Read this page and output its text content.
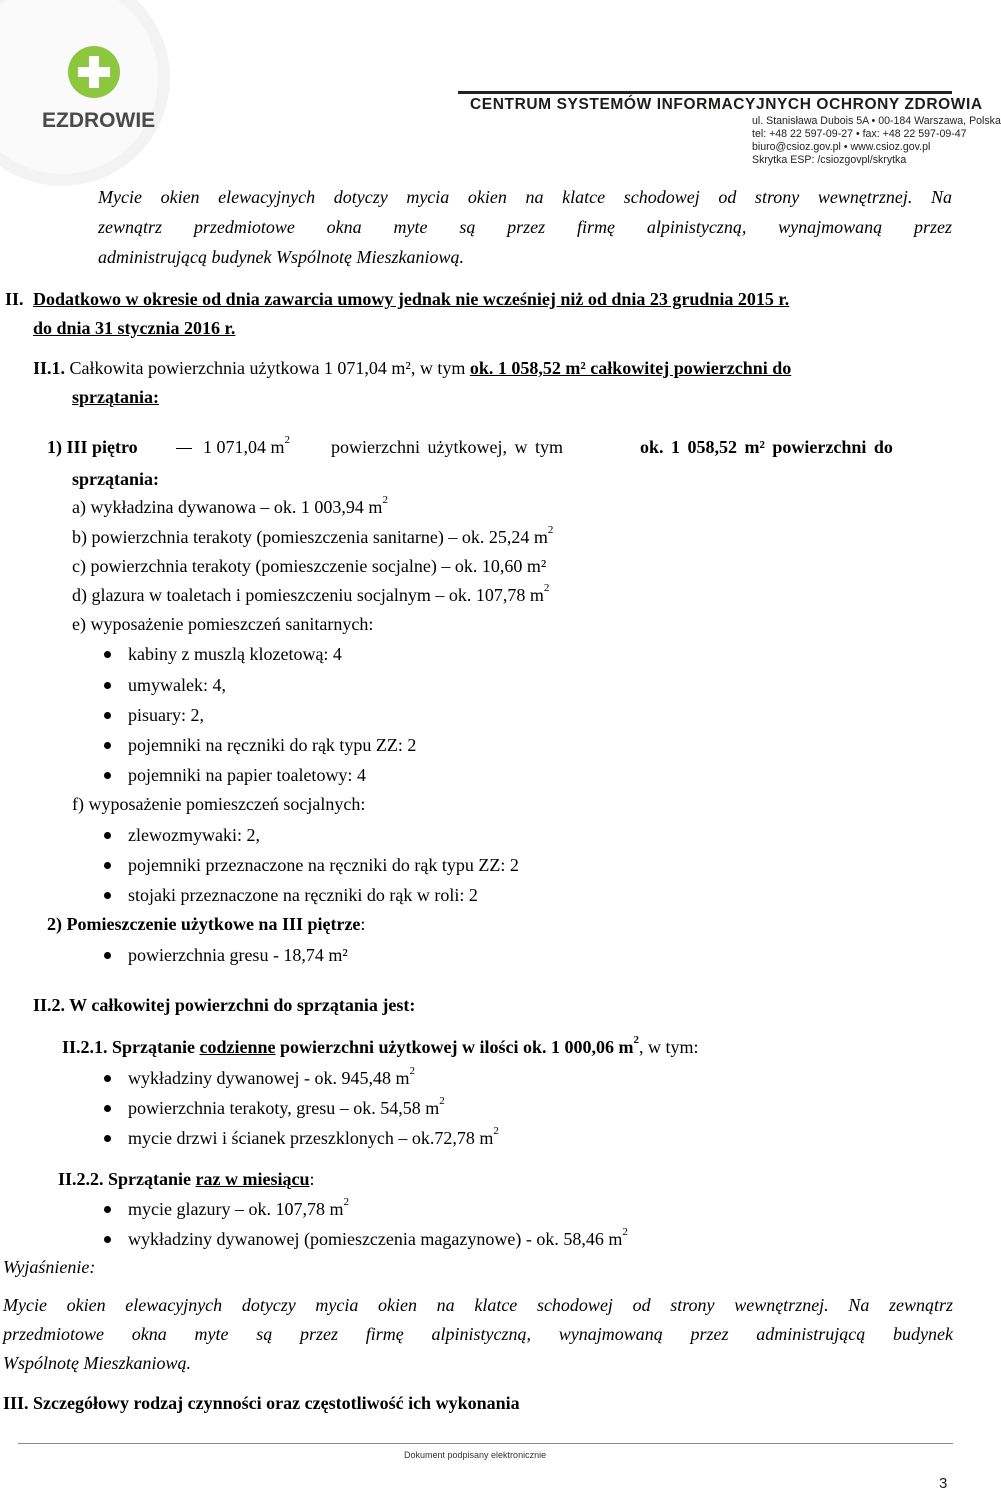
EZDROWIE
CENTRUM SYSTEMÓW INFORMACYJNYCH OCHRONY ZDROWIA
ul. Stanisława Dubois 5A • 00-184 Warszawa, Polska
tel: +48 22 597-09-27 • fax: +48 22 597-09-47
biuro@csioz.gov.pl • www.csioz.gov.pl
Skrytka ESP: /csiozgovpl/skrytka
Mycie okien elewacyjnych dotyczy mycia okien na klatce schodowej od strony wewnętrznej. Na
zewnątrz przedmiotowe okna myte są przez firmę alpinistyczną, wynajmowaną przez
administrującą budynek Wspólnotę Mieszkaniową.
II. Dodatkowo w okresie od dnia zawarcia umowy jednak nie wcześniej niż od dnia 23 grudnia 2015 r.
do dnia 31 stycznia 2016 r.
II.1. Całkowita powierzchnia użytkowa 1 071,04 m², w tym ok. 1 058,52 m² całkowitej powierzchni do
sprzątania:
1) III piętro	1 071,04 $m^2$ powierzchni użytkowej, w tym	ok. 1 058,52 m² powierzchni do
sprzątania:
a) wykładzina dywanowa – ok. 1 003,94 $m^2$
b) powierzchnia terakoty (pomieszczenia sanitarne) – ok. 25,24 $m^2$
c) powierzchnia terakoty (pomieszczenie socjalne) – ok. 10,60 m²
d) glazura w toaletach i pomieszczeniu socjalnym – ok. 107,78 $m^2$
e) wyposażenie pomieszczeń sanitarnych:
kabiny z muszlą klozetową: 4
umywalek: 4,
pisuary: 2,
pojemniki na ręczniki do rąk typu ZZ: 2
pojemniki na papier toaletowy: 4
f) wyposażenie pomieszczeń socjalnych:
zlewozmywaki: 2,
pojemniki przeznaczone na ręczniki do rąk typu ZZ: 2
stojaki przeznaczone na ręczniki do rąk w roli: 2
2) Pomieszczenie użytkowe na III piętrze:
powierzchnia gresu - 18,74 m²
II.2. W całkowitej powierzchni do sprzątania jest:
II.2.1. Sprzątanie codzienne powierzchni użytkowej w ilości ok. 1 000,06 $m^2$, w tym:
wykładziny dywanowej - ok. 945,48 $m^2$
powierzchnia terakoty, gresu – ok. 54,58 $m^2$
mycie drzwi i ścianek przeszklonych – ok.72,78 $m^2$
II.2.2. Sprzątanie raz w miesiącu:
mycie glazury – ok. 107,78 $m^2$
wykładziny dywanowej (pomieszczenia magazynowe) - ok. 58,46 $m^2$
Wyjaśnienie:
Mycie okien elewacyjnych dotyczy mycia okien na klatce schodowej od strony wewnętrznej. Na zewnątrz
przedmiotowe okna myte są przez firmę alpinistyczną, wynajmowaną przez administrującą budynek
Wspólnotę Mieszkaniową.
III. Szczegółowy rodzaj czynności oraz częstotliwość ich wykonania
Dokument podpisany elektronicznie
3
